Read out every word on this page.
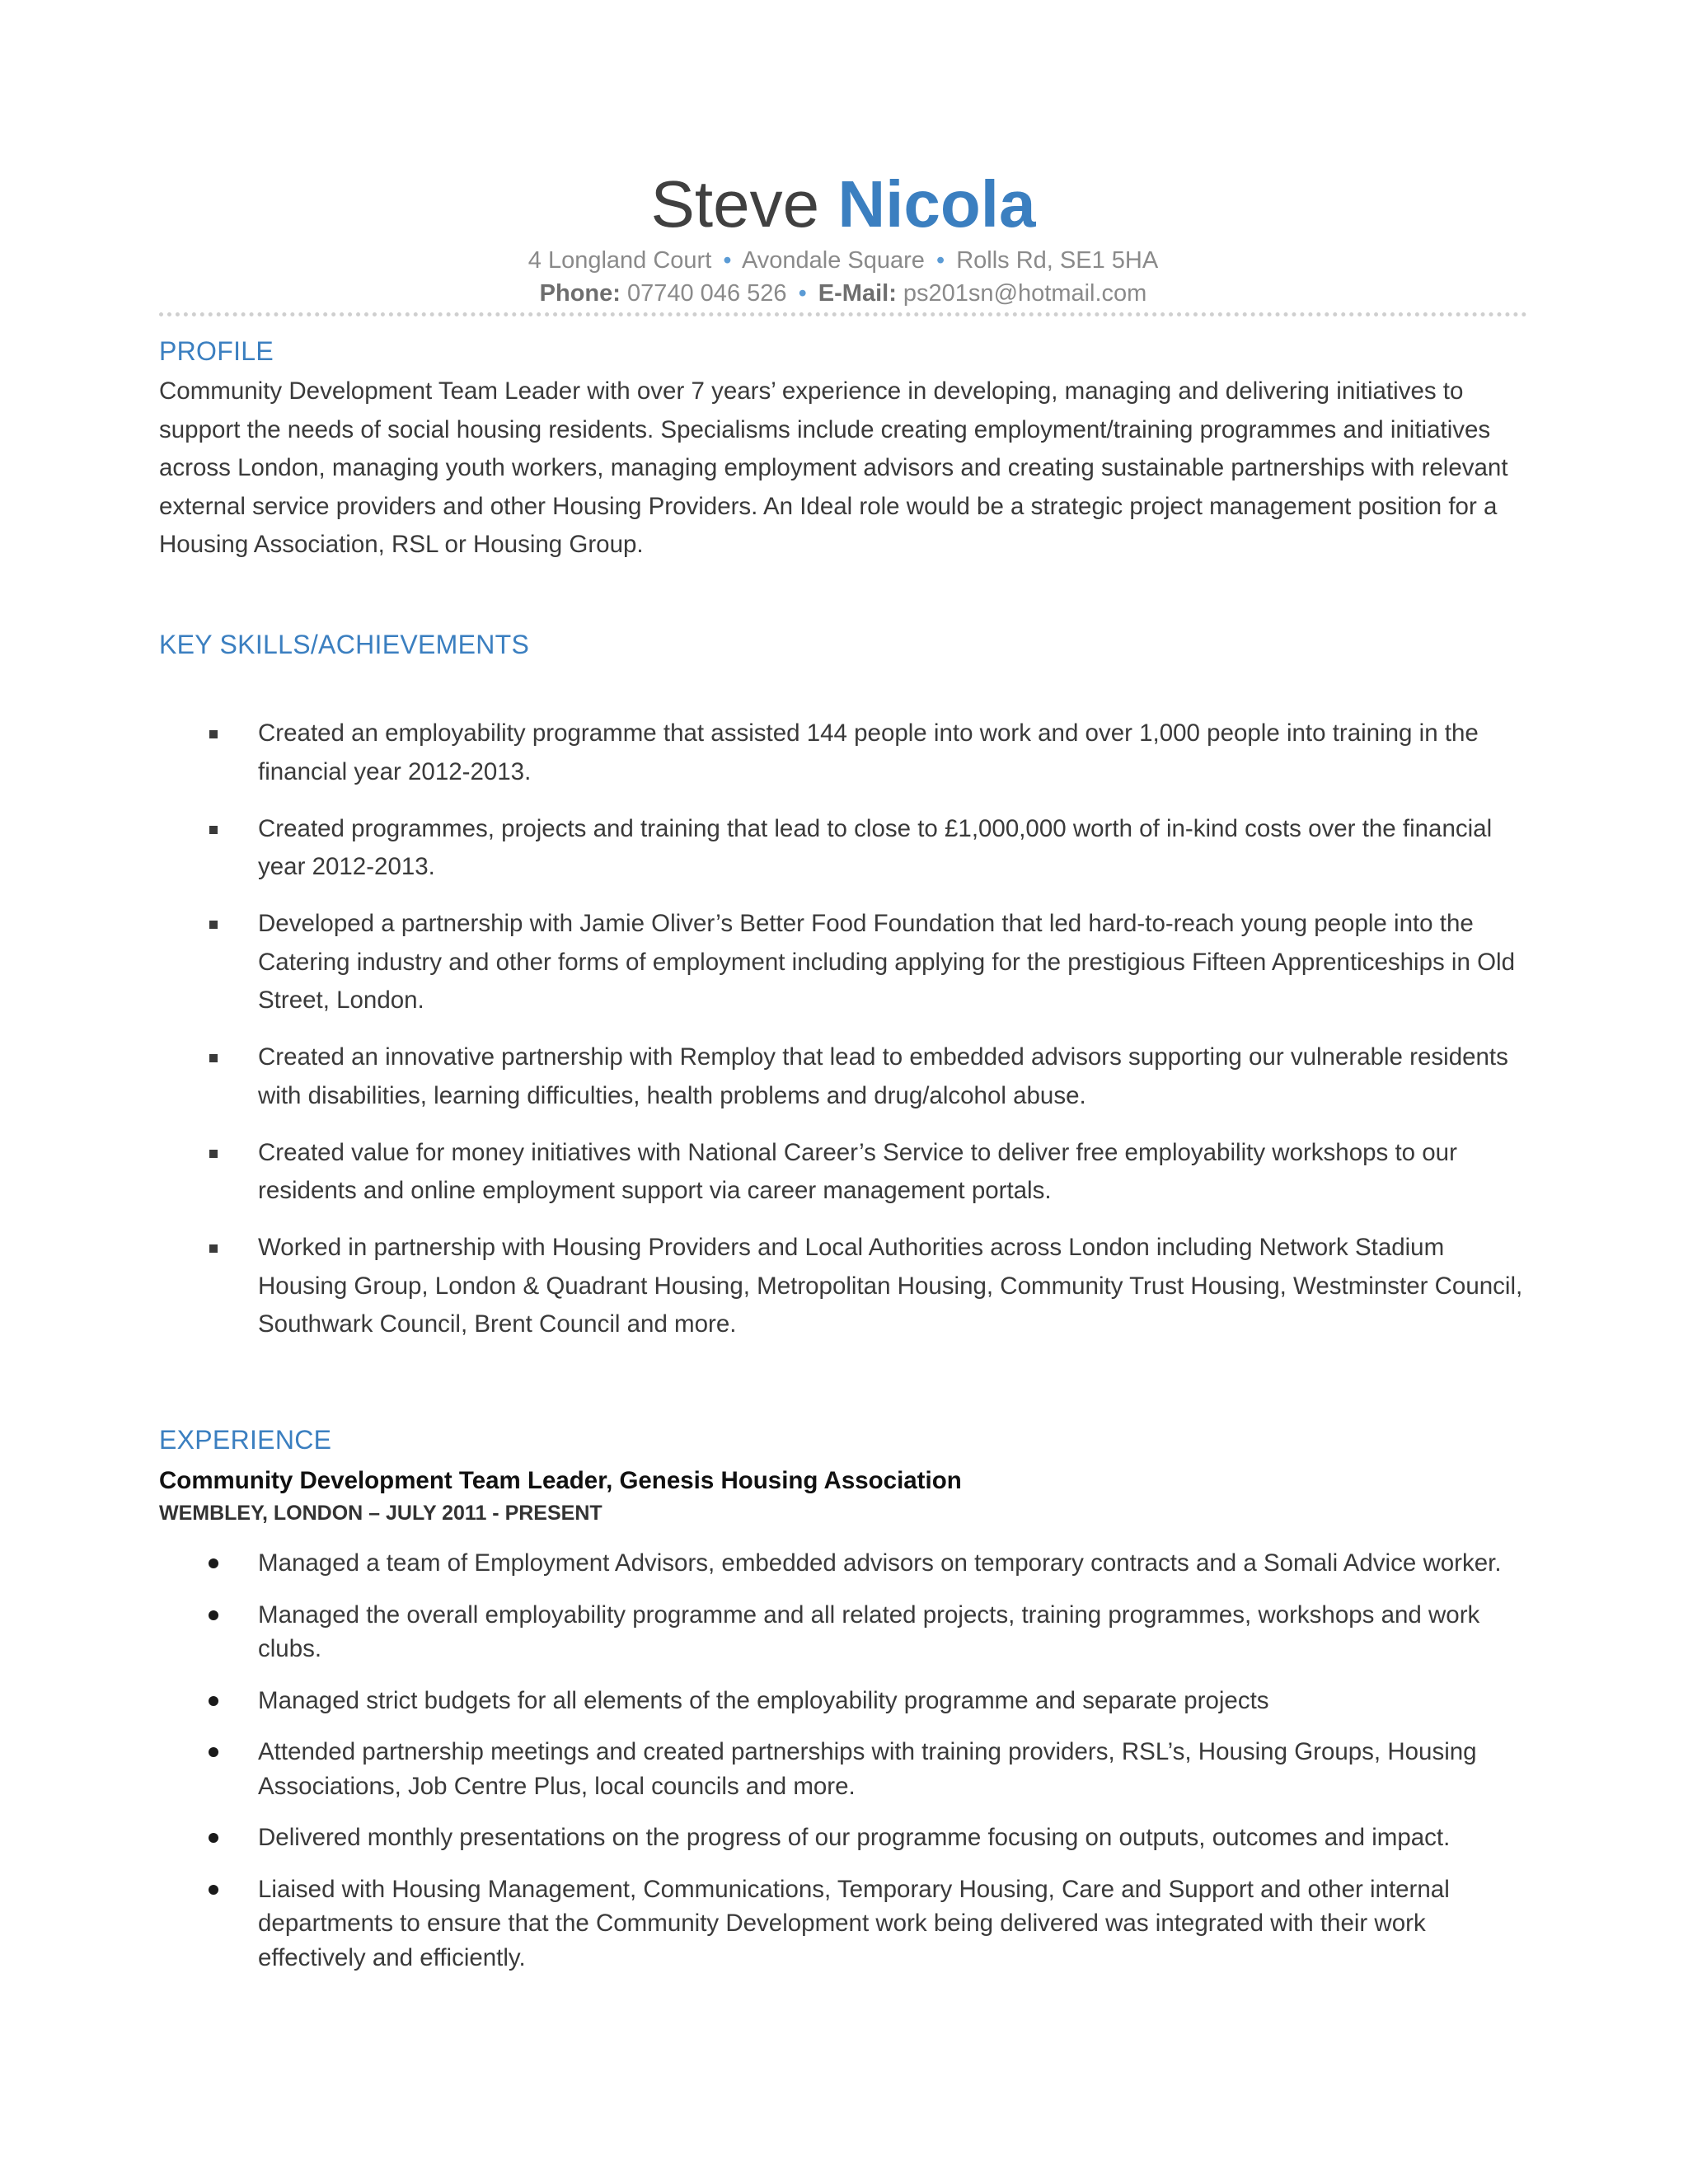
Steve Nicola
4 Longland Court • Avondale Square • Rolls Rd, SE1 5HA
Phone: 07740 046 526 • E-Mail: ps201sn@hotmail.com
PROFILE

Community Development Team Leader with over 7 years’ experience in developing, managing and delivering initiatives to support the needs of social housing residents. Specialisms include creating employment/training programmes and initiatives across London, managing youth workers, managing employment advisors and creating sustainable partnerships with relevant external service providers and other Housing Providers. An Ideal role would be a strategic project management position for a Housing Association, RSL or Housing Group.

KEY SKILLS/ACHIEVEMENTS
Created an employability programme that assisted 144 people into work and over 1,000 people into training in the financial year 2012-2013.
Created programmes, projects and training that lead to close to £1,000,000 worth of in-kind costs over the financial year 2012-2013.
Developed a partnership with Jamie Oliver’s Better Food Foundation that led hard-to-reach young people into the Catering industry and other forms of employment including applying for the prestigious Fifteen Apprenticeships in Old Street, London.
Created an innovative partnership with Remploy that lead to embedded advisors supporting our vulnerable residents with disabilities, learning difficulties, health problems and drug/alcohol abuse.
Created value for money initiatives with National Career’s Service to deliver free employability workshops to our residents and online employment support via career management portals.
Worked in partnership with Housing Providers and Local Authorities across London including Network Stadium Housing Group, London & Quadrant Housing, Metropolitan Housing, Community Trust Housing, Westminster Council, Southwark Council, Brent Council and more.
EXPERIENCE
Community Development Team Leader, Genesis Housing Association
WEMBLEY, LONDON – JULY 2011 - PRESENT
Managed a team of Employment Advisors, embedded advisors on temporary contracts and a Somali Advice worker.
Managed the overall employability programme and all related projects, training programmes, workshops and work clubs.
Managed strict budgets for all elements of the employability programme and separate projects
Attended partnership meetings and created partnerships with training providers, RSL’s, Housing Groups, Housing Associations, Job Centre Plus, local councils and more.
Delivered monthly presentations on the progress of our programme focusing on outputs, outcomes and impact.
Liaised with Housing Management, Communications, Temporary Housing, Care and Support and other internal departments to ensure that the Community Development work being delivered was integrated with their work effectively and efficiently.
